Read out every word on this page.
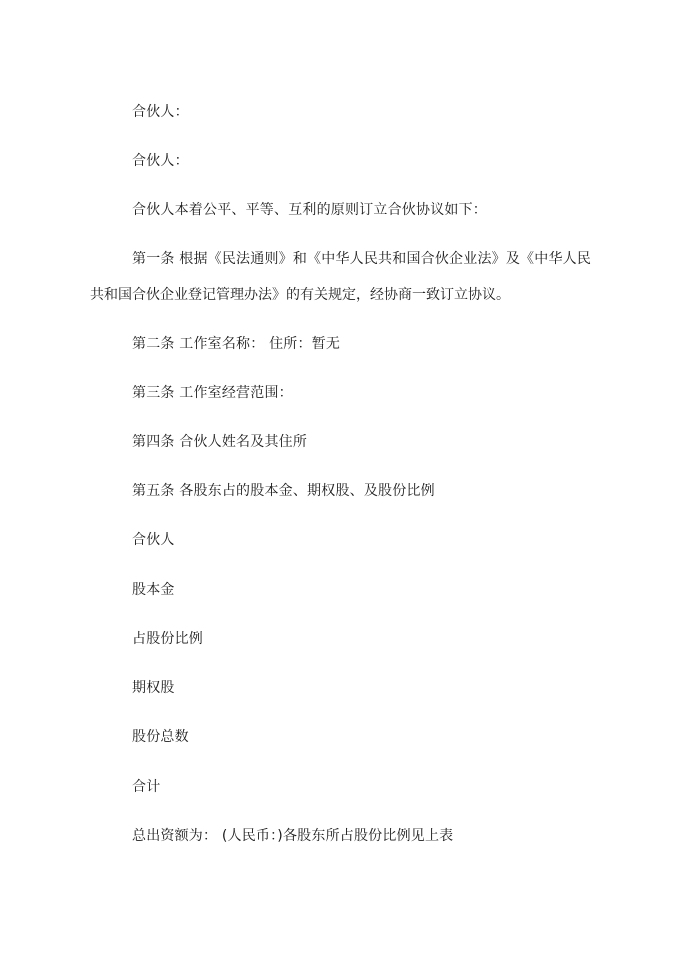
合伙人：

合伙人：

合伙人本着公平、平等、互利的原则订立合伙协议如下：

第一条 根据《民法通则》和《中华人民共和国合伙企业法》及《中华人民

共和国合伙企业登记管理办法》的有关规定，经协商一致订立协议。

第二条 工作室名称： 住所：暂无

第三条 工作室经营范围：

第四条 合伙人姓名及其住所

第五条 各股东占的股本金、期权股、及股份比例

合伙人

股本金

占股份比例

期权股

股份总数

合计

总出资额为： (人民币：)各股东所占股份比例见上表
